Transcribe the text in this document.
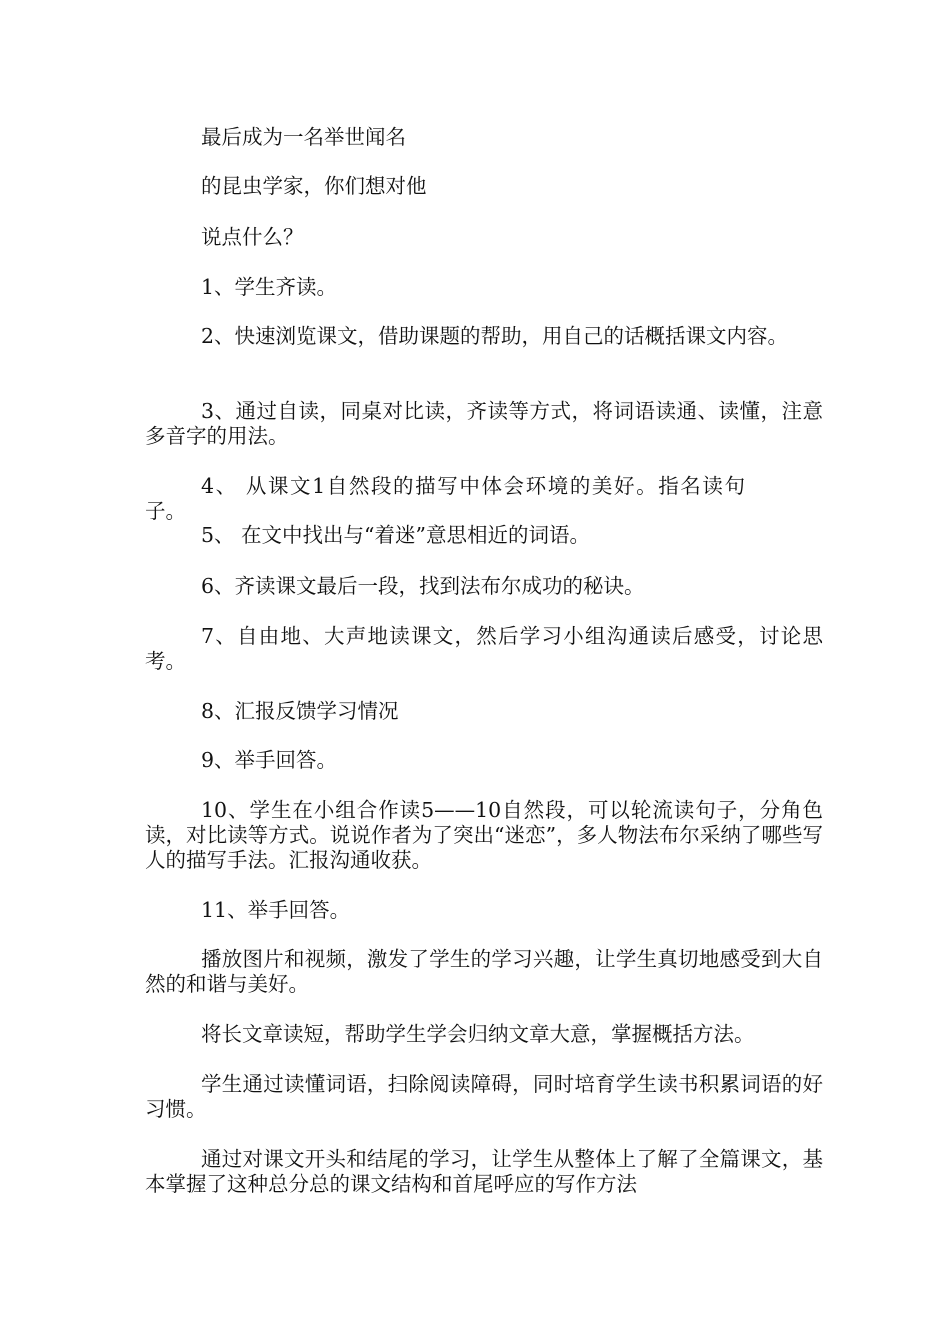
最后成为一名举世闻名

的昆虫学家，你们想对他

说点什么？

1、学生齐读。

2、快速浏览课文，借助课题的帮助，用自己的话概括课文内容。

3、通过自读，同桌对比读，齐读等方式，将词语读通、读懂，注意多音字的用法。

4、 从课文1自然段的描写中体会环境的美好。指名读句子。

5、 在文中找出与“着迷”意思相近的词语。

6、齐读课文最后一段，找到法布尔成功的秘诀。

7、自由地、大声地读课文，然后学习小组沟通读后感受，讨论思考。

8、汇报反馈学习情况

9、举手回答。

10、学生在小组合作读5——10自然段，可以轮流读句子，分角色读，对比读等方式。说说作者为了突出“迷恋”，多人物法布尔采纳了哪些写人的描写手法。汇报沟通收获。

11、举手回答。

播放图片和视频，激发了学生的学习兴趣，让学生真切地感受到大自然的和谐与美好。

将长文章读短，帮助学生学会归纳文章大意，掌握概括方法。

学生通过读懂词语，扫除阅读障碍，同时培育学生读书积累词语的好习惯。

通过对课文开头和结尾的学习，让学生从整体上了解了全篇课文，基本掌握了这种总分总的课文结构和首尾呼应的写作方法
